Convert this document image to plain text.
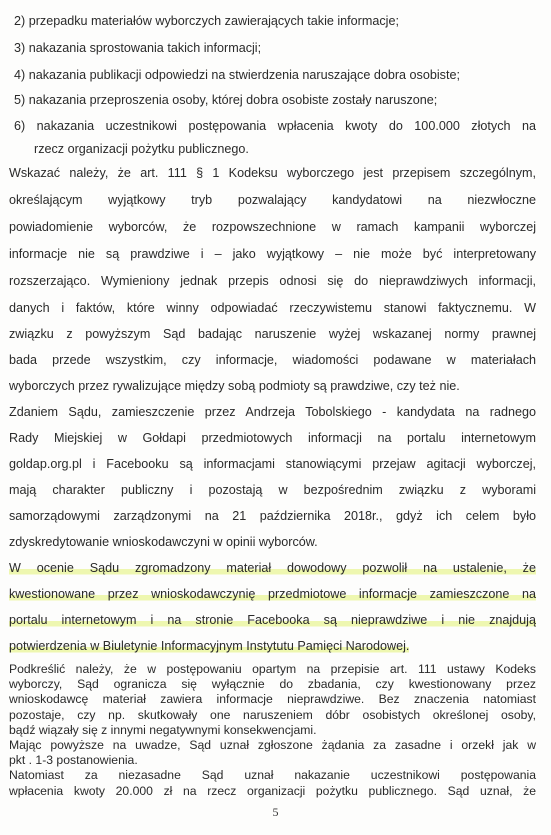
2) przepadku materiałów wyborczych zawierających takie informacje;
3) nakazania sprostowania takich informacji;
4) nakazania publikacji odpowiedzi na stwierdzenia naruszające dobra osobiste;
5) nakazania przeproszenia osoby, której dobra osobiste zostały naruszone;
6) nakazania uczestnikowi postępowania wpłacenia kwoty do 100.000 złotych na
rzecz organizacji pożytku publicznego.
Wskazać należy, że art. 111 § 1 Kodeksu wyborczego jest przepisem szczególnym,
określającym wyjątkowy tryb pozwalający kandydatowi na niezwłoczne
powiadomienie wyborców, że rozpowszechnione w ramach kampanii wyborczej
informacje nie są prawdziwe i – jako wyjątkowy – nie może być interpretowany
rozszerzająco. Wymieniony jednak przepis odnosi się do nieprawdziwych informacji,
danych i faktów, które winny odpowiadać rzeczywistemu stanowi faktycznemu. W
związku z powyższym Sąd badając naruszenie wyżej wskazanej normy prawnej
bada przede wszystkim, czy informacje, wiadomości podawane w materiałach
wyborczych przez rywalizujące między sobą podmioty są prawdziwe, czy też nie.
Zdaniem Sądu, zamieszczenie przez Andrzeja Tobolskiego - kandydata na radnego
Rady Miejskiej w Gołdapi przedmiotowych informacji na portalu internetowym
goldap.org.pl i Facebooku są informacjami stanowiącymi przejaw agitacji wyborczej,
mają charakter publiczny i pozostają w bezpośrednim związku z wyborami
samorządowymi zarządzonymi na 21 października 2018r., gdyż ich celem było
zdyskredytowanie wnioskodawczyni w opinii wyborców.
W ocenie Sądu zgromadzony materiał dowodowy pozwolił na ustalenie, że
kwestionowane przez wnioskodawczynię przedmiotowe informacje zamieszczone na
portalu internetowym i na stronie Facebooka są nieprawdziwe i nie znajdują
potwierdzenia w Biuletynie Informacyjnym Instytutu Pamięci Narodowej.
Podkreślić należy, że w postępowaniu opartym na przepisie art. 111 ustawy Kodeks
wyborczy, Sąd ogranicza się wyłącznie do zbadania, czy kwestionowany przez
wnioskodawcę materiał zawiera informacje nieprawdziwe. Bez znaczenia natomiast
pozostaje, czy np. skutkowały one naruszeniem dóbr osobistych określonej osoby,
bądź wiązały się z innymi negatywnymi konsekwencjami.
5
Mając powyższe na uwadze, Sąd uznał zgłoszone żądania za zasadne i orzekł jak w
pkt . 1-3 postanowienia.
Natomiast za niezasadne Sąd uznał nakazanie uczestnikowi postępowania
wpłacenia kwoty 20.000 zł na rzecz organizacji pożytku publicznego. Sąd uznał, że
